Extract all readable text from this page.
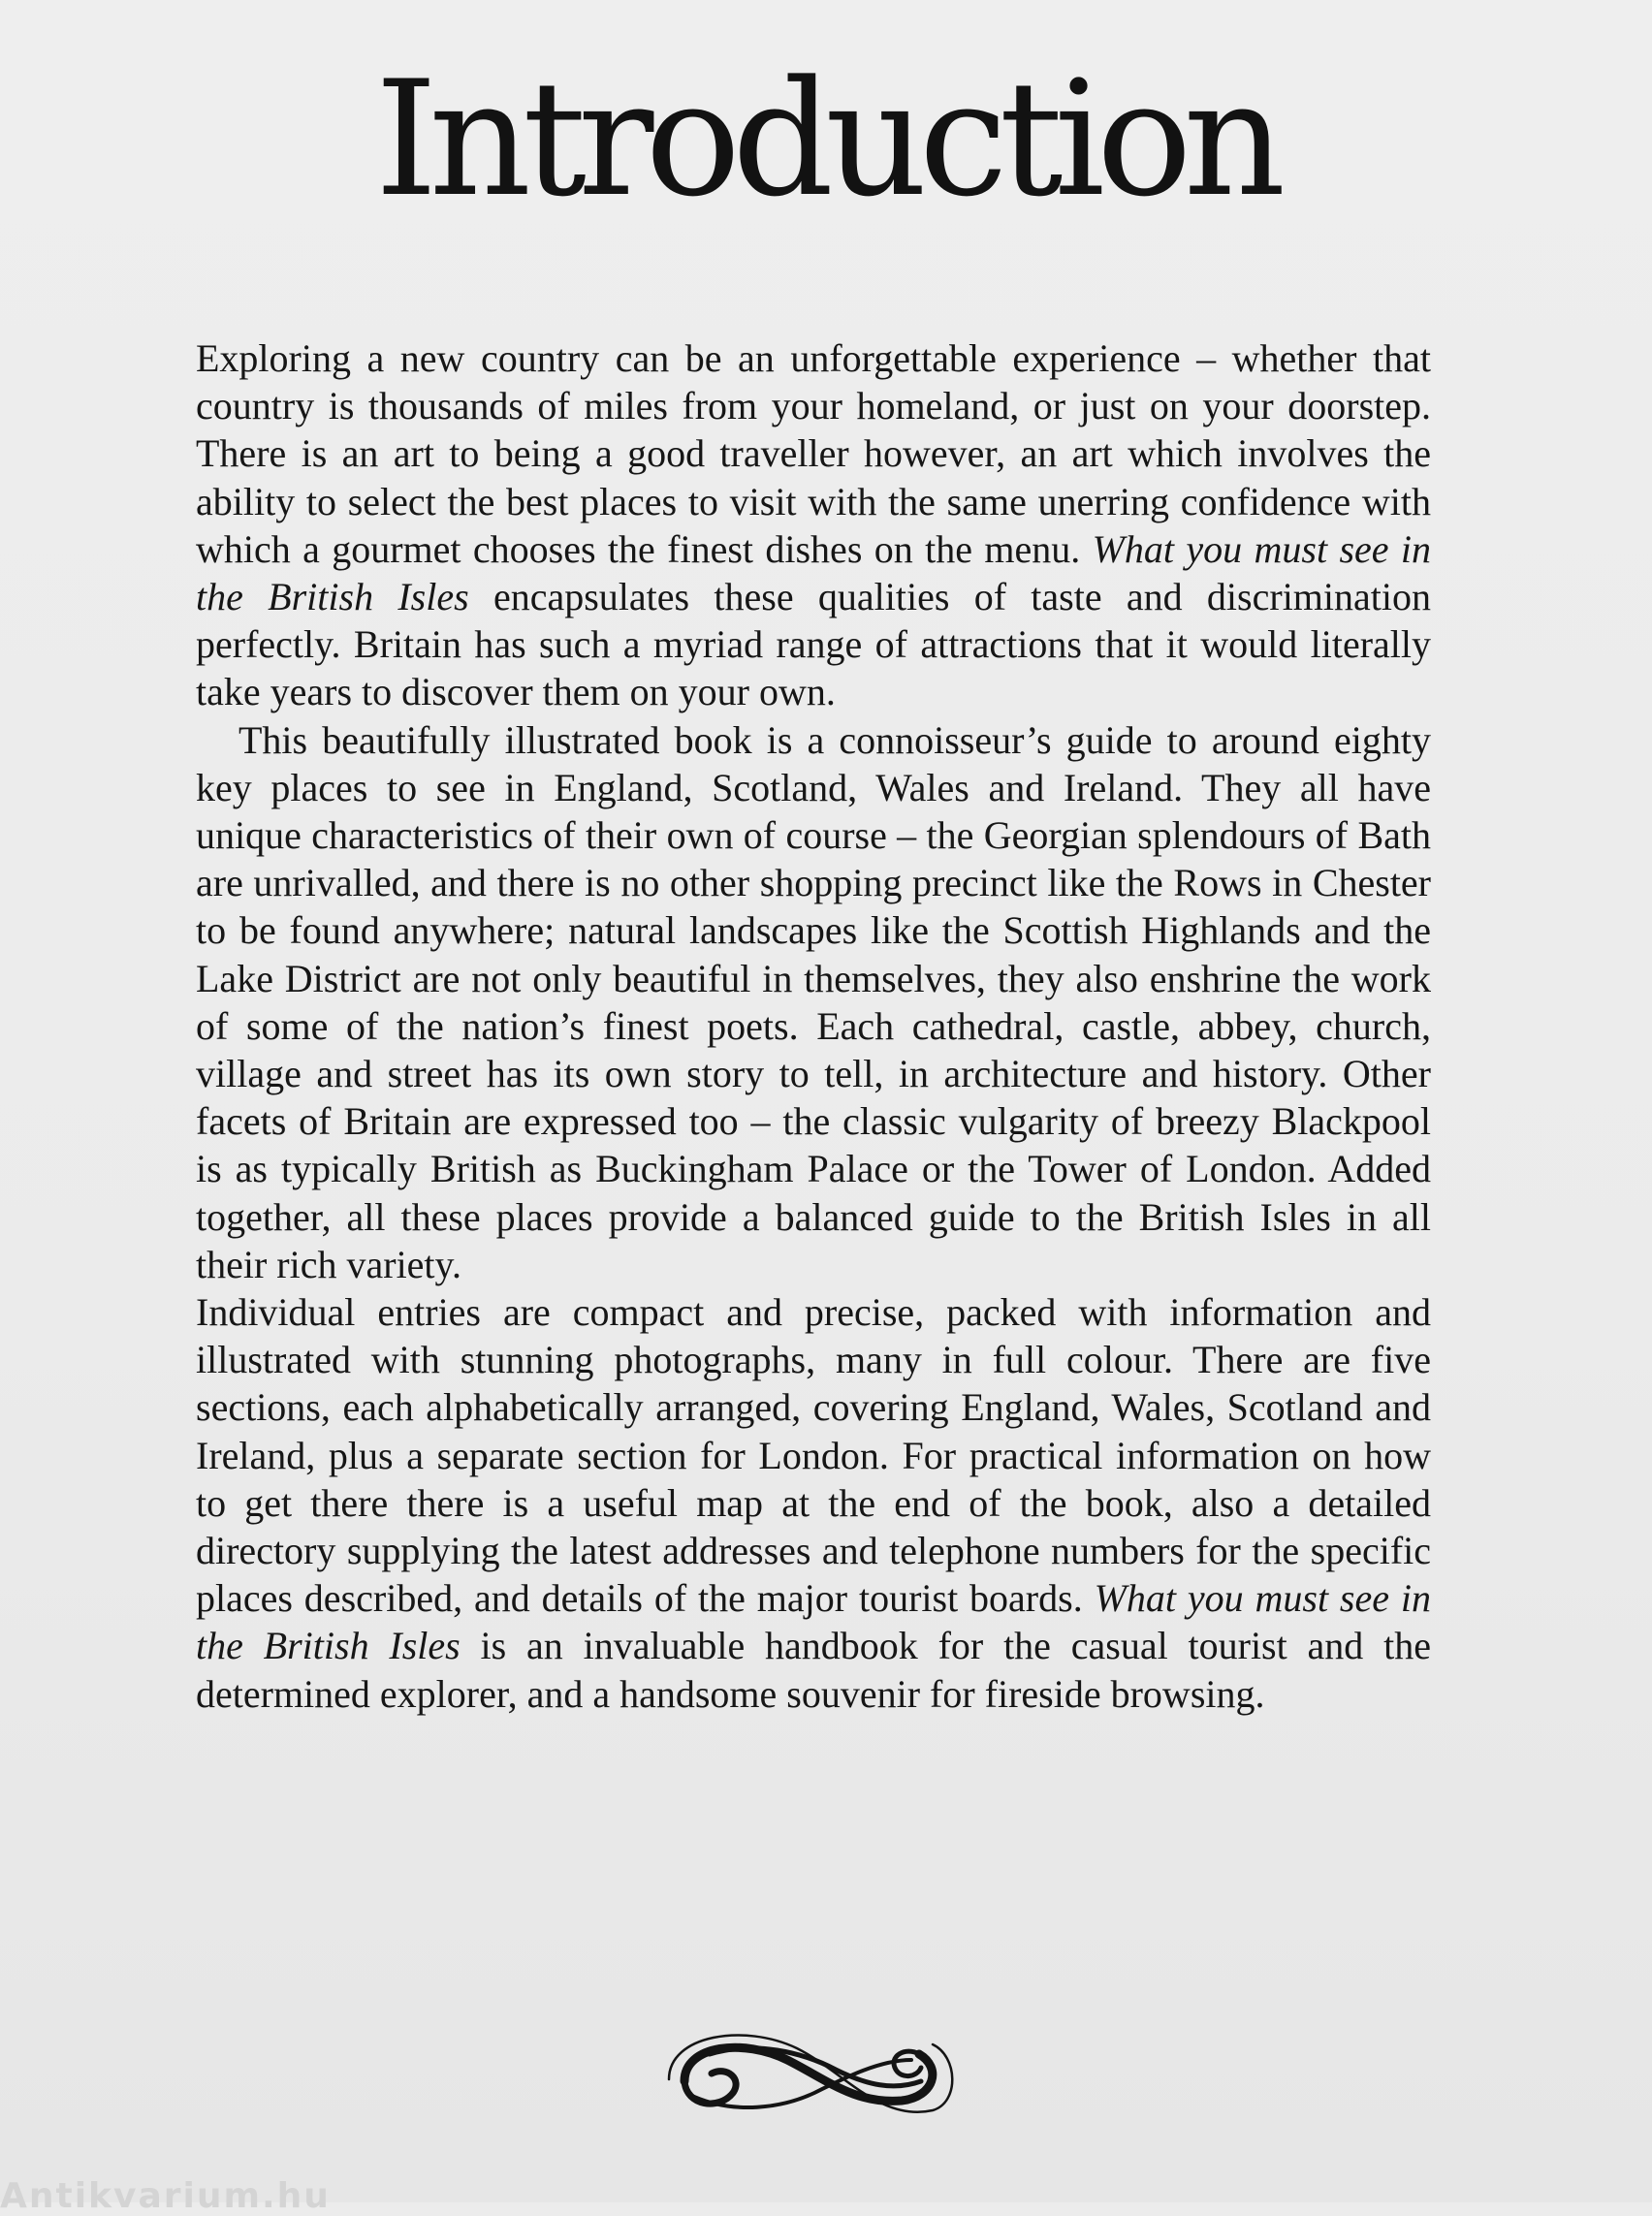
Introduction

Exploring a new country can be an unforgettable experience – whether that country is thousands of miles from your homeland, or just on your doorstep. There is an art to being a good traveller however, an art which involves the ability to select the best places to visit with the same unerring confidence with which a gourmet chooses the finest dishes on the menu. What you must see in the British Isles encapsulates these qualities of taste and discrimination perfectly. Britain has such a myriad range of attractions that it would literally take years to discover them on your own.

This beautifully illustrated book is a connoisseur’s guide to around eighty key places to see in England, Scotland, Wales and Ireland. They all have unique characteristics of their own of course – the Georgian splendours of Bath are unrivalled, and there is no other shopping precinct like the Rows in Chester to be found anywhere; natural landscapes like the Scottish Highlands and the Lake District are not only beautiful in themselves, they also enshrine the work of some of the nation’s finest poets. Each cathedral, castle, abbey, church, village and street has its own story to tell, in architecture and history. Other facets of Britain are expressed too – the classic vulgarity of breezy Blackpool is as typically British as Buckingham Palace or the Tower of London. Added together, all these places provide a balanced guide to the British Isles in all their rich variety.

Individual entries are compact and precise, packed with information and illustrated with stunning photographs, many in full colour. There are five sections, each alphabetically arranged, covering England, Wales, Scotland and Ireland, plus a separate section for London. For practical information on how to get there there is a useful map at the end of the book, also a detailed directory supplying the latest addresses and telephone numbers for the specific places described, and details of the major tourist boards. What you must see in the British Isles is an invaluable handbook for the casual tourist and the determined explorer, and a handsome souvenir for fireside browsing.

Antikvarium.hu
